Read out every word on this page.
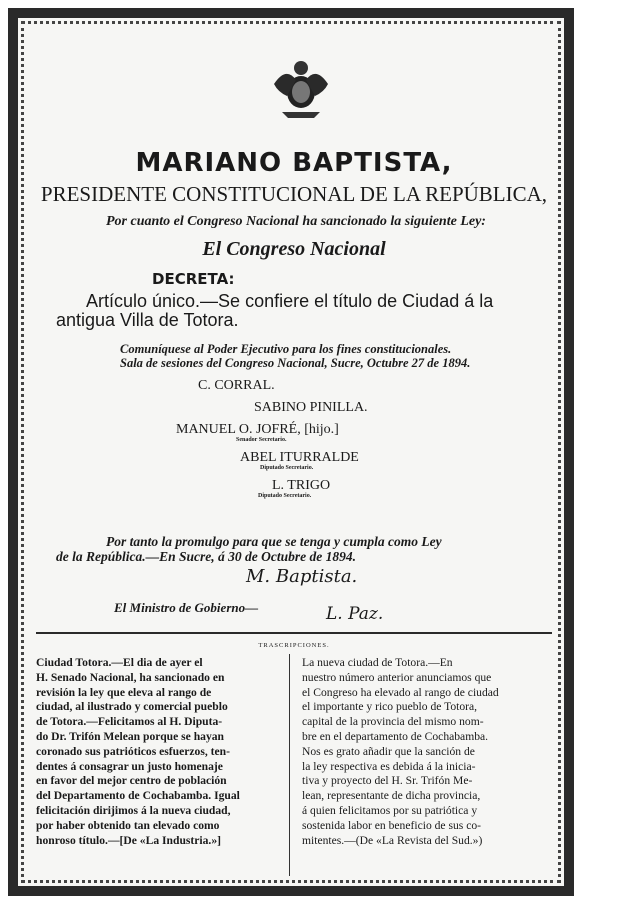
MARIANO BAPTISTA,
PRESIDENTE CONSTITUCIONAL DE LA REPÚBLICA,
Por cuanto el Congreso Nacional ha sancionado la siguiente Ley:
El Congreso Nacional
DECRETA:
Artículo único.—Se confiere el título de Ciudad á la
antigua Villa de Totora.
Comuníquese al Poder Ejecutivo para los fines constitucionales.
Sala de sesiones del Congreso Nacional, Sucre, Octubre 27 de 1894.
C. CORRAL.
SABINO PINILLA.
MANUEL O. JOFRÉ, [hijo.]
Senador Secretario.
ABEL ITURRALDE
Diputado Secretario.
L. TRIGO
Diputado Secretario.
Por tanto la promulgo para que se tenga y cumpla como Ley
de la República.—En Sucre, á 30 de Octubre de 1894.
M. Baptista.
El Ministro de Gobierno—	L. Paz.
TRASCRIPCIONES.
Ciudad Totora.—El dia de ayer el
H. Senado Nacional, ha sancionado en
revisión la ley que eleva al rango de
ciudad, al ilustrado y comercial pueblo
de Totora.—Felicitamos al H. Diputa-
do Dr. Trifón Melean porque se hayan
coronado sus patrióticos esfuerzos, ten-
dentes á consagrar un justo homenaje
en favor del mejor centro de población
del Departamento de Cochabamba. Igual
felicitación dirijimos á la nueva ciudad,
por haber obtenido tan elevado como
honroso título.—[De «La Industria.»]
La nueva ciudad de Totora.—En
nuestro número anterior anunciamos que
el Congreso ha elevado al rango de ciudad
el importante y rico pueblo de Totora,
capital de la provincia del mismo nom-
bre en el departamento de Cochabamba.
Nos es grato añadir que la sanción de
la ley respectiva es debida á la inicia-
tiva y proyecto del H. Sr. Trifón Me-
lean, representante de dicha provincia,
á quien felicitamos por su patriótica y
sostenida labor en beneficio de sus co-
mitentes.—(De «La Revista del Sud.»)
